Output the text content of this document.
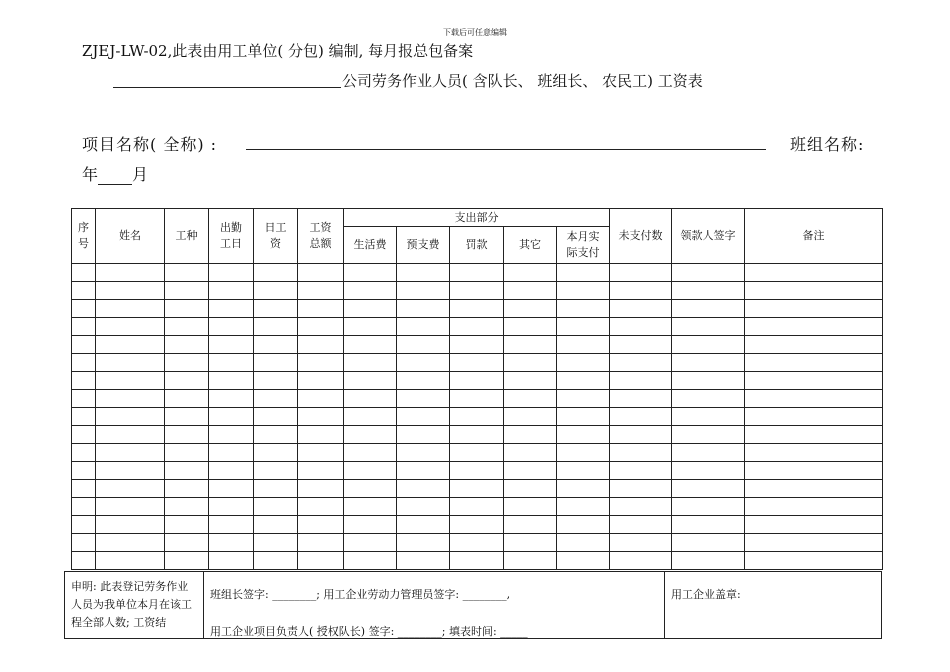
下载后可任意编辑
ZJEJ-LW-02,此表由用工单位( 分包) 编制, 每月报总包备案
公司劳务作业人员( 含队长、 班组长、 农民工) 工资表
项目名称( 全称) :	班组名称:
年 月
序号	姓名	工种	出勤工日	日工资	工资总额	支出部分					未支付数	领款人签字	备注
						生活费	预支费	罚款	其它	本月实际支付			

申明: 此表登记劳务作业人员为我单位本月在该工程全部人数; 工资结
班组长签字: ________; 用工企业劳动力管理员签字: ________,
用工企业项目负责人( 授权队长) 签字: ________; 填表时间: _____
用工企业盖章:
